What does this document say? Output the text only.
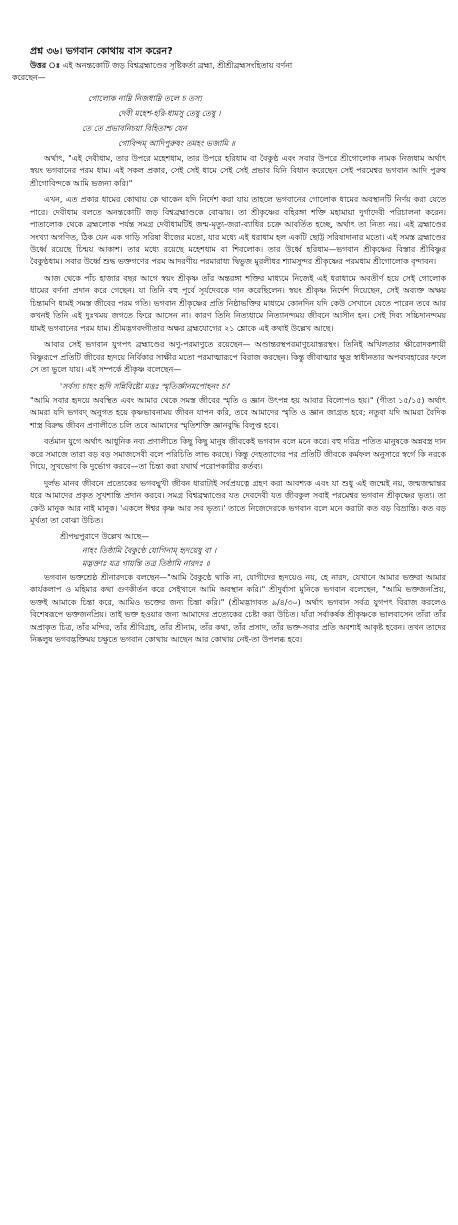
প্রশ্ন ৩৬। ভগবান কোথায় বাস করেন?
উত্তর ঃ এই অনন্তকোটি জড় বিশ্বব্রহ্মাণ্ডের সৃষ্টিকর্তা ব্রহ্মা, শ্রীশ্রীব্রহ্মসংহিতায় বর্ণনা
করেছেন—
গোলোক নাম্নি নিজধাম্নি তলে চ তস্য
দেবী মহেশ-হরি-ধামসু তেষু তেষু ।
তে তে প্রভাবনিচয়া বিহিতাশ্চ যেন
গোবিন্দম্ আদিপুরুষং তমহং ভজামি ॥

অর্থাৎ, "এই দেবীধাম, তার উপরে মহেশধাম, তার উপরে হরিধাম বা বৈকুণ্ঠ এবং সবার উপরে শ্রীগোলোক নামক নিজধাম অর্থাৎ স্বয়ং ভগবানের পরম ধাম। এই সকল প্রকার, সেই সেই ধামে সেই সেই প্রভাব যিনি বিধান করেছেন সেই পরমেশ্বর ভগবান আদি পুরুষ শ্রীগোবিন্দকে আমি ভজনা করি।"

এখন, এত প্রকার ধামের কোথায় কে থাকেন যদি নির্দেশ করা যায় তাহলে ভগবানের গোলোক ধামের অবস্থানটি নির্ণয় করা যেতে পারে। দেবীধাম বলতে অনন্তকোটি জড় বিশ্বব্রহ্মাণ্ডকে বোঝায়। তা শ্রীকৃষ্ণের বহিরঙ্গা শক্তি মহামায়া দুর্গাদেবী পরিচালনা করেন। পাতালোক থেকে ব্রহ্মলোক পর্যন্ত সমগ্র দেবীধামটিই জন্ম-মৃত্যু-জরা-ব্যাধির চক্রে আবর্তিত হচ্ছে, অর্থাৎ তা নিত্য নয়। এই ব্রহ্মাণ্ডের সংখ্যা অগণিত, ঠিক যেন এক গাড়ি সরিষা বীজের মতো, যার মধ্যে এই ধরাধাম হল একটি ছোট্ট সরিষাদানার মতো। এই সমস্ত ব্রহ্মাণ্ডের উর্ধ্বে রয়েছে চিন্ময় আকাশ। তার মধ্যে রয়েছে মহেশধাম বা শিবলোক। তার উর্ধ্বে হরিধাম—ভগবান শ্রীকৃষ্ণের বিস্তার শ্রীবিষ্ণুর বৈকুণ্ঠধাম। সবার উর্ধ্বে শুদ্ধ ভক্তগণের পরম আদরণীয় পরমারাধ্য দ্বিভুজ মুরলীধর শ্যামসুন্দর শ্রীকৃষ্ণের পরমধাম শ্রীগোলোক বৃন্দাবন।

আজ থেকে পাঁচ হাজার বছর আগে স্বয়ং শ্রীকৃষ্ণ তাঁর অন্তরঙ্গা শক্তির মাধ্যমে নিজেই এই ধরাধামে অবতীর্ণ হয়ে সেই গোলোক ধামের বর্ণনা প্রদান করে গেছেন। যা তিনি বহু পূর্বে সূর্যদেবকে দান করেছিলেন। স্বয়ং শ্রীকৃষ্ণ নির্দেশ দিয়েছেন, সেই অব্যক্ত অক্ষয় চিন্তামণি ধামই সমস্ত জীবের পরম গতি। ভগবান শ্রীকৃষ্ণের প্রতি নিষ্ঠাভক্তির মাধ্যমে কোনদিন যদি কেউ সেখানে যেতে পারেন তবে আর কখনই তিনি এই দুঃখময় জগতে ফিরে আসেন না। কারণ তিনি নিত্যধামে নিত্যানন্দময় জীবনে আসীন হন। সেই দিব্য সচ্চিদানন্দময় ধামই ভগবানের পরম ধাম। শ্রীমদ্ভগবদ্গীতার অক্ষর ব্রহ্মযোগের ২১ শ্লোকে এই কথাই উল্লেখ আছে।

আবার সেই ভগবান যুগপৎ ব্রহ্মাণ্ডের অণু-পরমাণুতে রয়েছেন— অণ্ডান্তরস্থপরমাণুচয়ান্তরস্থং। তিনিই অখিলতার ক্ষীরোদকশায়ী বিষ্ণুরূপে প্রতিটি জীবের হৃদয়ে নির্বিকার সাক্ষীর মতো পরমাত্মারূপে বিরাজ করছেন। কিন্তু জীবাত্মার ক্ষুদ্র স্বাধীনতার অপব্যবহারের ফলে সে তা ভুলে যায়। এই সম্পর্কে শ্রীকৃষ্ণ বলেছেন—

'সর্বস্য চাহং হৃদি সন্নিবিষ্টো মত্তঃ স্মৃতির্জ্ঞানমপোহনং চ।'

"আমি সবার হৃদয়ে অবস্থিত এবং আমার থেকে সমস্ত জীবের স্মৃতি ও জ্ঞান উৎপন্ন হয় আবার বিলোপও হয়।" (গীতা ১৫/১৫) অর্থাৎ আমরা যদি ভগবদ্ অনুগত হয়ে কৃষ্ণভাবনাময় জীবন যাপন করি, তবে আমাদের স্মৃতি ও জ্ঞান জাগ্রত হবে; নতুবা যদি আমরা বৈদিক শাস্ত্র বিরুদ্ধ জীবন প্রণালীতে চলি তবে আমাদের স্মৃতিশক্তি জ্ঞানবুদ্ধি বিলুপ্ত হবে।

বর্তমান যুগে অর্থাৎ আধুনিক নব্য প্রণালীতে কিছু কিছু মানুষ জীবকেই ভগবান বলে মনে করে। বহু দরিদ্র পতিত মানুষকে অন্নবস্ত্র দান করে সমাজে তারা বড় বড় সমাজসেবী বলে পরিচিতি লাভ করছে। কিন্তু দেহত্যাগের পর প্রতিটি জীবকে কর্মফল অনুসারে স্বর্গে কি নরকে গিয়ে, সুখভোগ কি দুর্ভোগ করবে—তা চিন্তা করা যথার্থ পরোপকারীর কর্তব্য।

দুর্লভ মানব জীবনে প্রত্যেকের ভগবদ্মুখী জীবন ধারাটাই সর্বপ্রযত্নে গ্রহণ করা আবশ্যক এবং যা শুধু এই জন্মেই নয়, জন্মজন্মান্তর ধরে আমাদের প্রকৃত সুখশান্তি প্রদান করবে। সমগ্র বিশ্বব্রহ্মাণ্ডের যত দেবদেবী যত জীবকুল সবাই পরমেশ্বর ভগবান শ্রীকৃষ্ণের ভৃত্য। তা কেউ মানুক আর নাই মানুক। 'একলে ঈশ্বর কৃষ্ণ আর সব ভৃত্য।' তাতে নিজেদেরকে ভগবান বলে মনে করাটা কত বড় বিভ্রান্তি। কত বড় মূর্খতা তা বোঝা উচিত।

শ্রীপদ্মপুরাণে উল্লেখ আছে—
নাহং তিষ্ঠামি বৈকুণ্ঠে যোগিনাম্ হৃদয়েষু বা ।
মদ্ভক্তাঃ যত্র গায়ন্তি তত্র তিষ্ঠামি নারদঃ ॥

ভগবান ভক্তশ্রেষ্ঠ শ্রীনারদকে বলছেন—"আমি বৈকুণ্ঠে থাকি না, যোগীদের হৃদয়েও নয়, হে নারদ, যেখানে আমার ভক্তরা আমার কার্যকলাপ ও মহিমার কথা গুণকীর্তন করে সেইখানে আমি অবস্থান করি।" শ্রীদুর্বাসা মুনিকে ভগবান বলেছেন, "আমি ভক্তজনপ্রিয়, ভক্তই আমাকে চিন্তা করে, আমিও ভক্তের জন্য চিন্তা করি।" (শ্রীমদ্ভাগবত ৯/৪/৩০) অর্থাৎ ভগবান সর্বত্র যুগপৎ বিরাজ করলেও বিশেষরূপে ভক্তজনপ্রিয়। তাই ভক্ত হওয়ার জন্য আমাদের প্রত্যেকের চেষ্টা করা উচিত। যাঁরা সর্বাকর্ষক শ্রীকৃষ্ণকে ভালবাসেন তাঁরা তাঁর অপ্রাকৃত চিত্র, তাঁর মন্দির, তাঁর শ্রীবিগ্রহ, তাঁর শ্রীনাম, তাঁর কথা, তাঁর প্রসাদ, তাঁর ভক্ত-সবার প্রতি অবশ্যই আকৃষ্ট হবেন। তখন তাদের নিষ্কলুষ ভগবদ্ভক্তিময় চক্ষুতে ভগবান কোথায় আছেন আর কোথায় নেই-তা উপলব্ধ হবে।
